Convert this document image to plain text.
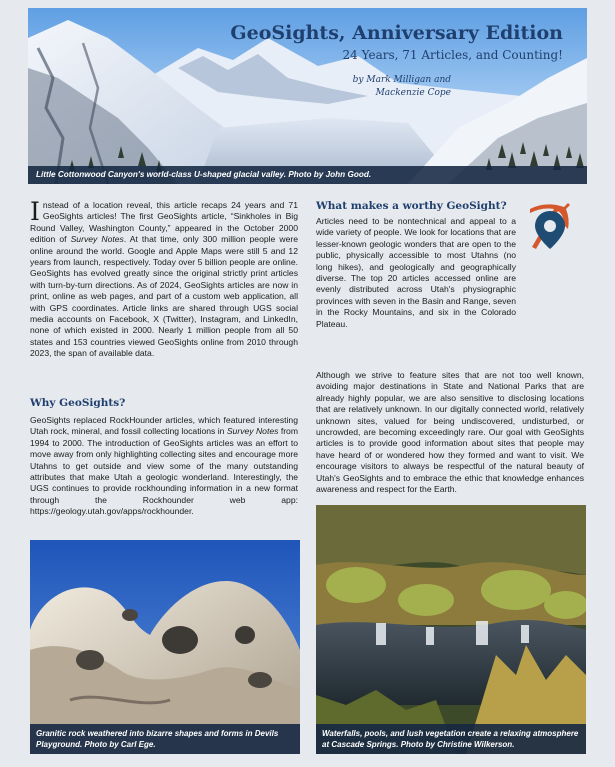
GeoSights, Anniversary Edition
24 Years, 71 Articles, and Counting!
by Mark Milligan and
Mackenzie Cope
Little Cottonwood Canyon's world-class U-shaped glacial valley. Photo by John Good.

Instead of a location reveal, this article recaps 24 years and 71 GeoSights articles! The first GeoSights article, “Sinkholes in Big Round Valley, Washington County,” appeared in the October 2000 edition of Survey Notes. At that time, only 300 million people were online around the world. Google and Apple Maps were still 5 and 12 years from launch, respectively. Today over 5 billion people are online. GeoSights has evolved greatly since the original strictly print articles with turn-by-turn directions. As of 2024, GeoSights articles are now in print, online as web pages, and part of a custom web application, all with GPS coordinates. Article links are shared through UGS social media accounts on Facebook, X (Twitter), Instagram, and LinkedIn, none of which existed in 2000. Nearly 1 million people from all 50 states and 153 countries viewed GeoSights online from 2010 through 2023, the span of available data.

Why GeoSights?

GeoSights replaced RockHounder articles, which featured interesting Utah rock, mineral, and fossil collecting locations in Survey Notes from 1994 to 2000. The introduction of GeoSights articles was an effort to move away from only highlighting collecting sites and encourage more Utahns to get outside and view some of the many outstanding attributes that make Utah a geologic wonderland. Interestingly, the UGS continues to provide rockhounding information in a new format through the Rockhounder web app: https://geology.utah.gov/apps/rockhounder.

What makes a worthy GeoSight?

Articles need to be nontechnical and appeal to a wide variety of people. We look for locations that are lesser-known geologic wonders that are open to the public, physically accessible to most Utahns (no long hikes), and geologically and geographically diverse. The top 20 articles accessed online are evenly distributed across Utah's physiographic provinces with seven in the Basin and Range, seven in the Rocky Mountains, and six in the Colorado Plateau.

Although we strive to feature sites that are not too well known, avoiding major destinations in State and National Parks that are already highly popular, we are also sensitive to disclosing locations that are relatively unknown. In our digitally connected world, relatively unknown sites, valued for being undiscovered, undisturbed, or uncrowded, are becoming exceedingly rare. Our goal with GeoSights articles is to provide good information about sites that people may have heard of or wondered how they formed and want to visit. We encourage visitors to always be respectful of the natural beauty of Utah's GeoSights and to embrace the ethic that knowledge enhances awareness and respect for the Earth.

Granitic rock weathered into bizarre shapes and forms in Devils Playground. Photo by Carl Ege.
Waterfalls, pools, and lush vegetation create a relaxing atmosphere at Cascade Springs. Photo by Christine Wilkerson.
